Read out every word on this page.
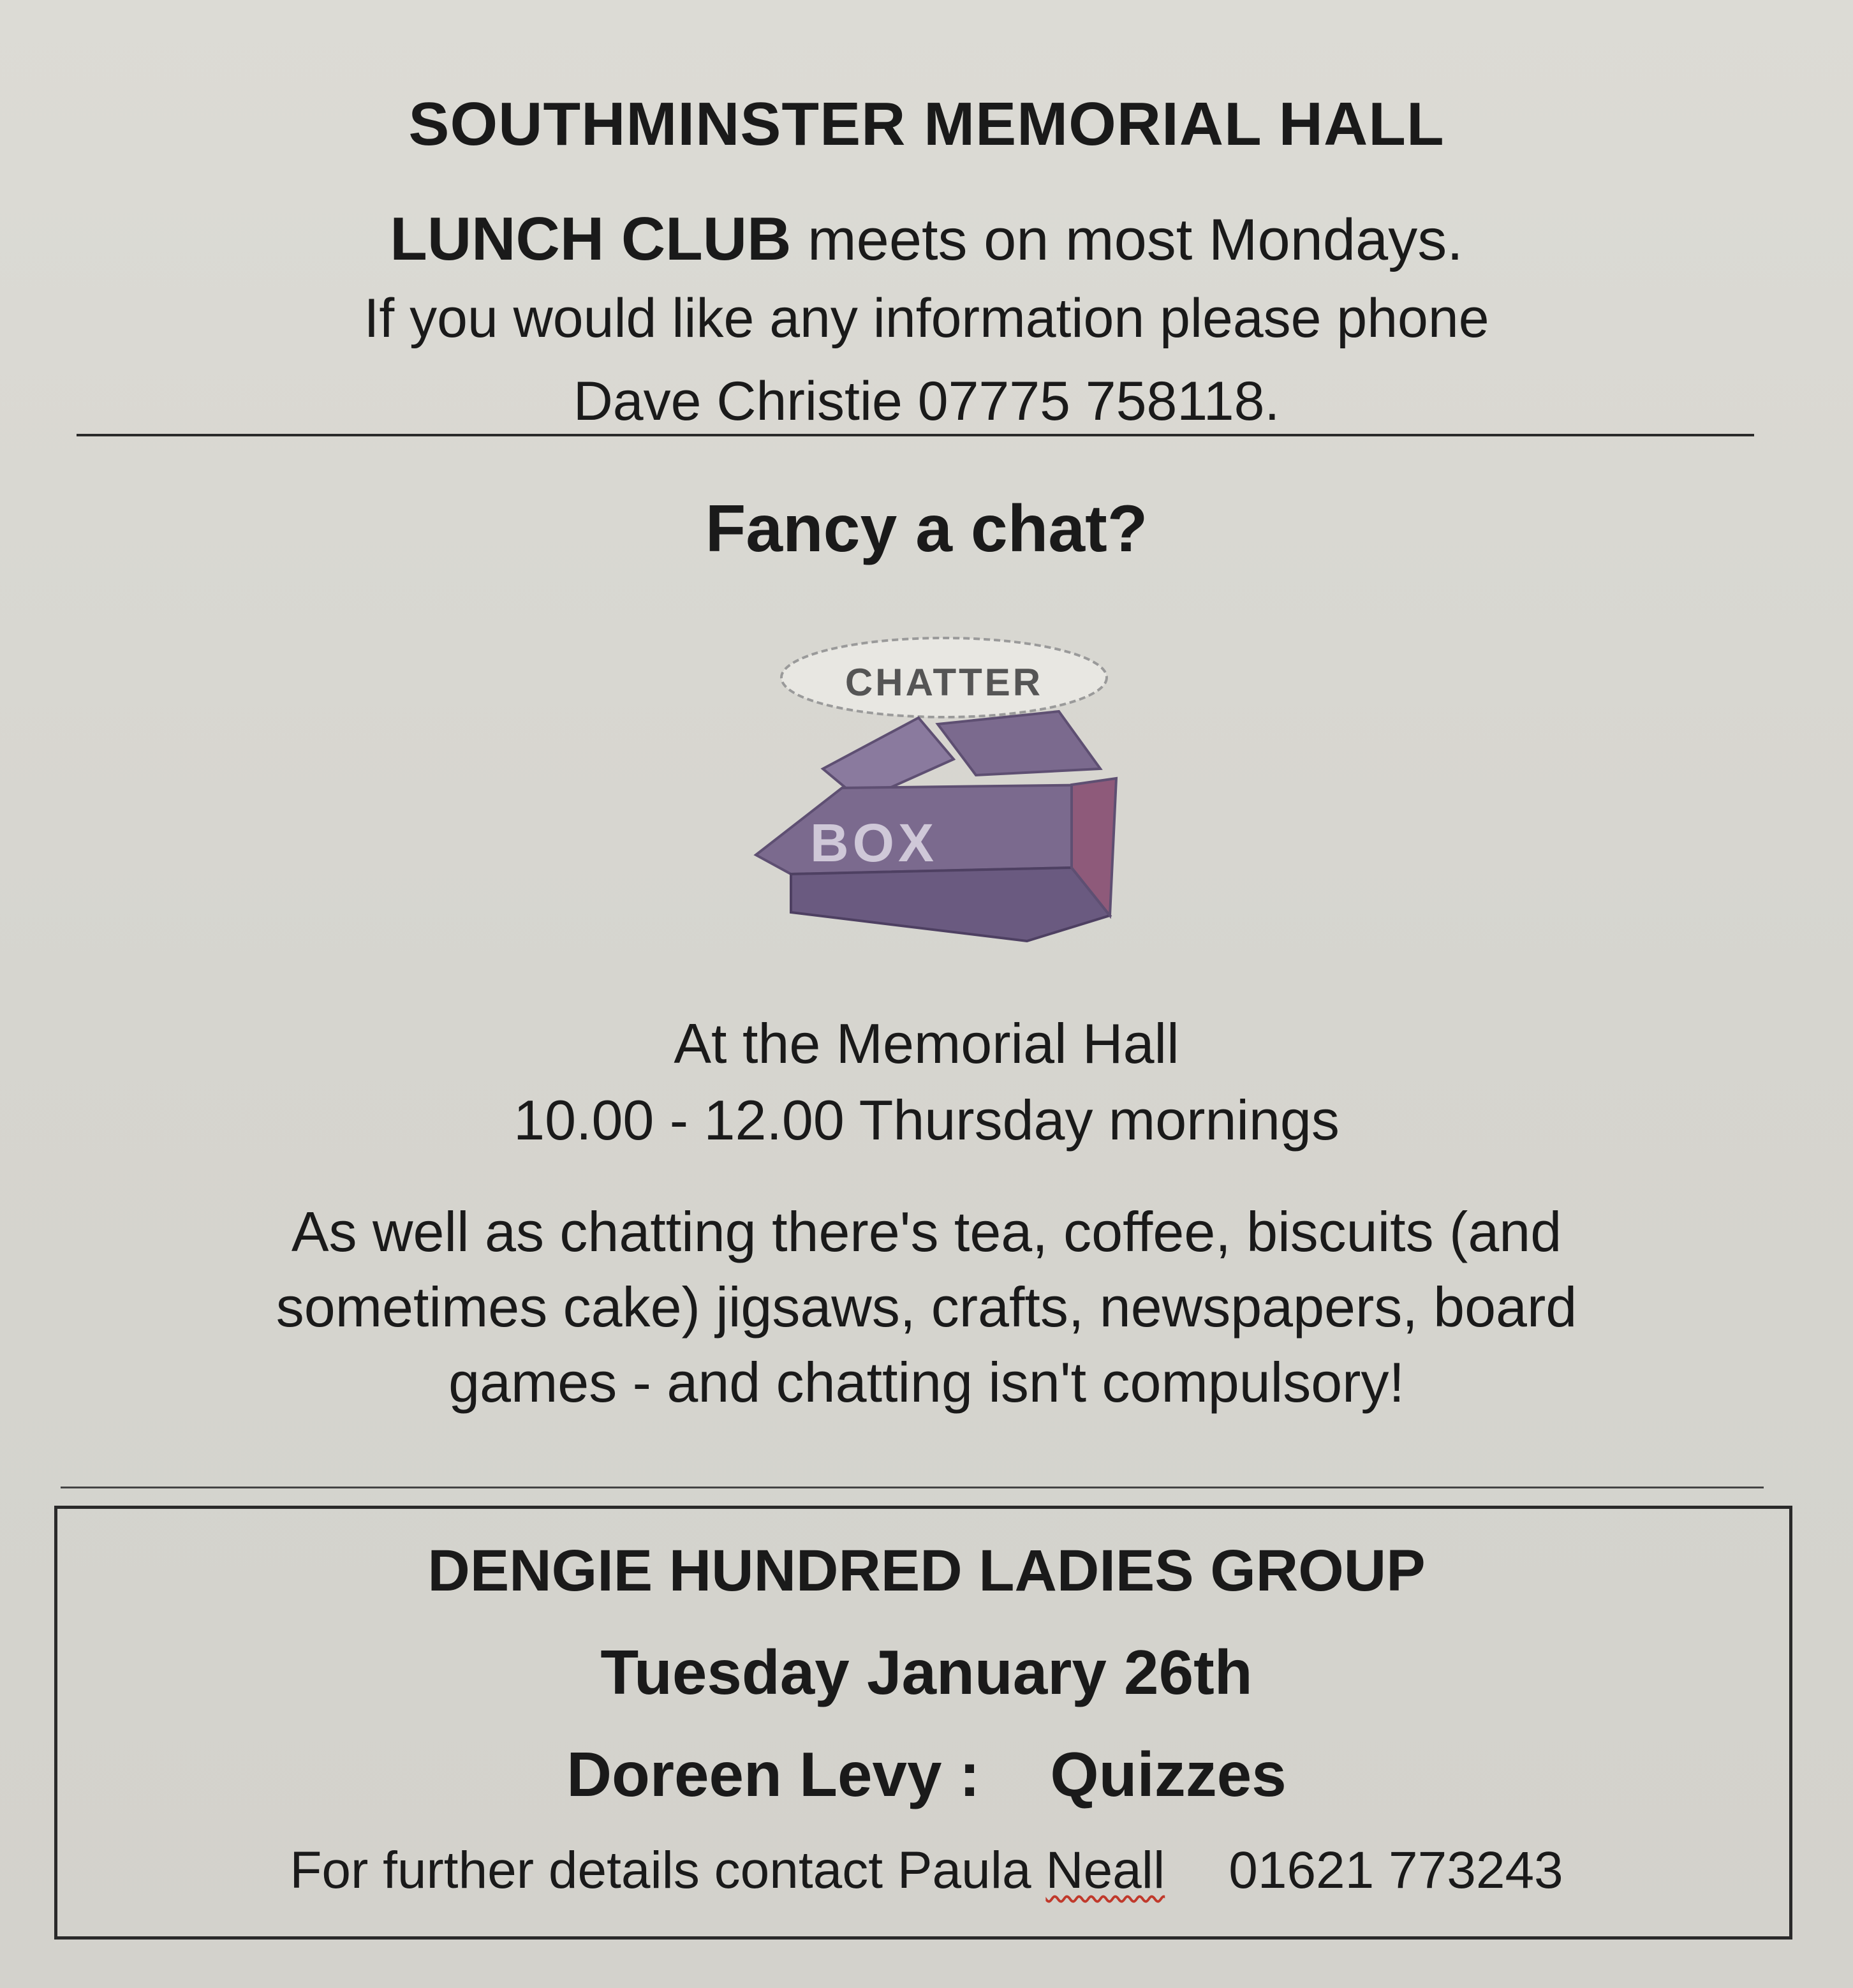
SOUTHMINSTER MEMORIAL HALL
LUNCH CLUB meets on most Mondays.
If you would like any information please phone
Dave Christie 07775 758118.
Fancy a chat?
CHATTER
BOX
At the Memorial Hall
10.00 - 12.00 Thursday mornings
As well as chatting there's tea, coffee, biscuits (and
sometimes cake) jigsaws, crafts, newspapers, board
games - and chatting isn't compulsory!
DENGIE HUNDRED LADIES GROUP
Tuesday January 26th
Doreen Levy : Quizzes
For further details contact Paula Neall 01621 773243
